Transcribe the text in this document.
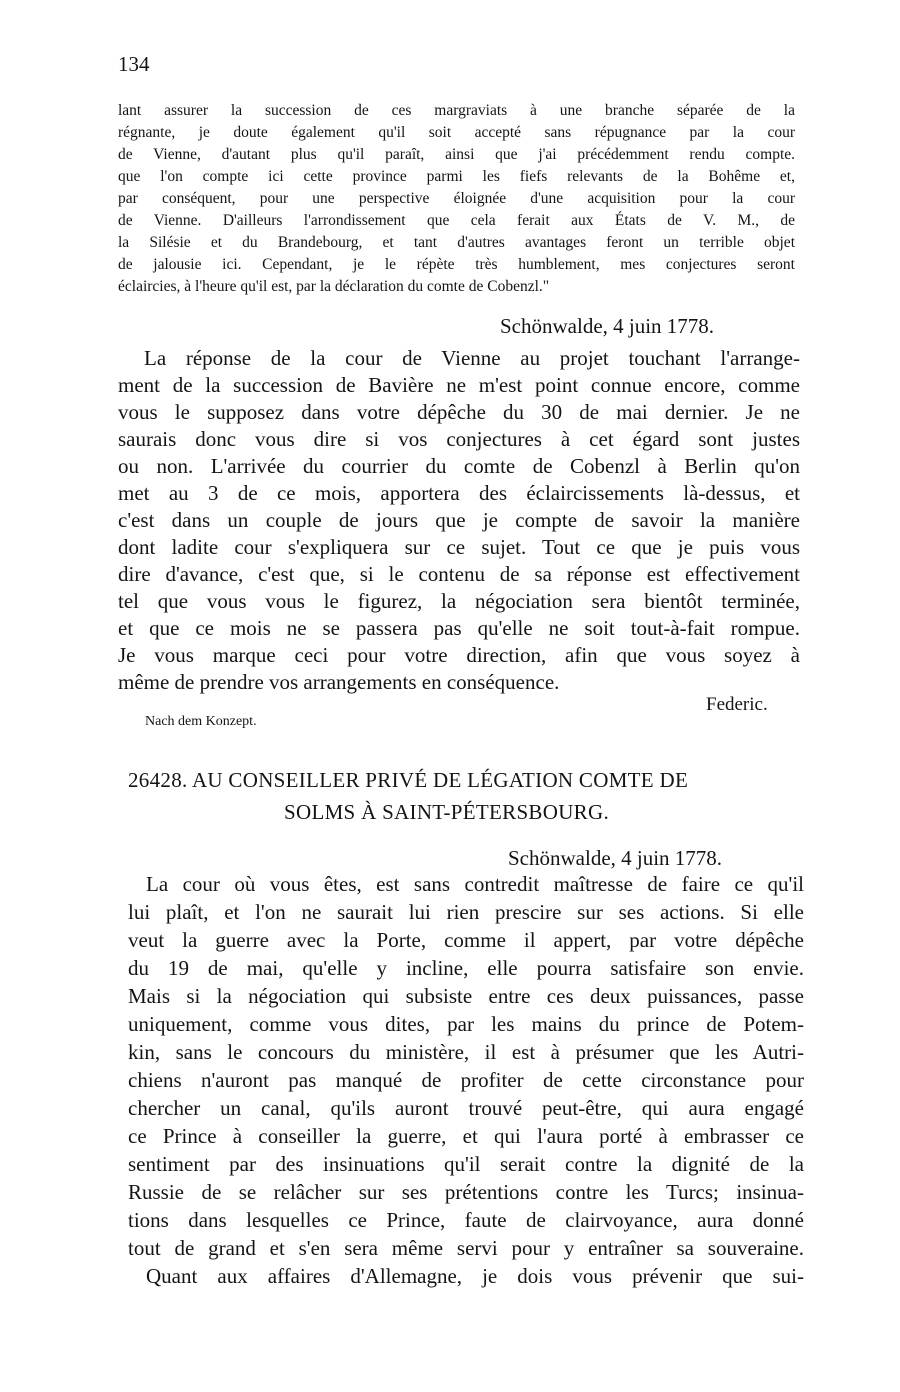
134
lant assurer la succession de ces margraviats à une branche séparée de la
régnante, je doute également qu'il soit accepté sans répugnance par la cour
de Vienne, d'autant plus qu'il paraît, ainsi que j'ai précédemment rendu compte.
que l'on compte ici cette province parmi les fiefs relevants de la Bohême et,
par conséquent, pour une perspective éloignée d'une acquisition pour la cour
de Vienne. D'ailleurs l'arrondissement que cela ferait aux États de V. M., de
la Silésie et du Brandebourg, et tant d'autres avantages feront un terrible objet
de jalousie ici. Cependant, je le répète très humblement, mes conjectures seront
éclaircies, à l'heure qu'il est, par la déclaration du comte de Cobenzl."
Schönwalde, 4 juin 1778.
La réponse de la cour de Vienne au projet touchant l'arrange-
ment de la succession de Bavière ne m'est point connue encore, comme
vous le supposez dans votre dépêche du 30 de mai dernier. Je ne
saurais donc vous dire si vos conjectures à cet égard sont justes
ou non. L'arrivée du courrier du comte de Cobenzl à Berlin qu'on
met au 3 de ce mois, apportera des éclaircissements là-dessus, et
c'est dans un couple de jours que je compte de savoir la manière
dont ladite cour s'expliquera sur ce sujet. Tout ce que je puis vous
dire d'avance, c'est que, si le contenu de sa réponse est effectivement
tel que vous vous le figurez, la négociation sera bientôt terminée,
et que ce mois ne se passera pas qu'elle ne soit tout-à-fait rompue.
Je vous marque ceci pour votre direction, afin que vous soyez à
même de prendre vos arrangements en conséquence.
Federic.
Nach dem Konzept.
26428. AU CONSEILLER PRIVÉ DE LÉGATION COMTE DE
SOLMS À SAINT-PÉTERSBOURG.
Schönwalde, 4 juin 1778.
La cour où vous êtes, est sans contredit maîtresse de faire ce qu'il
lui plaît, et l'on ne saurait lui rien prescire sur ses actions. Si elle
veut la guerre avec la Porte, comme il appert, par votre dépêche
du 19 de mai, qu'elle y incline, elle pourra satisfaire son envie.
Mais si la négociation qui subsiste entre ces deux puissances, passe
uniquement, comme vous dites, par les mains du prince de Potem-
kin, sans le concours du ministère, il est à présumer que les Autri-
chiens n'auront pas manqué de profiter de cette circonstance pour
chercher un canal, qu'ils auront trouvé peut-être, qui aura engagé
ce Prince à conseiller la guerre, et qui l'aura porté à embrasser ce
sentiment par des insinuations qu'il serait contre la dignité de la
Russie de se relâcher sur ses prétentions contre les Turcs; insinua-
tions dans lesquelles ce Prince, faute de clairvoyance, aura donné
tout de grand et s'en sera même servi pour y entraîner sa souveraine.
Quant aux affaires d'Allemagne, je dois vous prévenir que sui-
